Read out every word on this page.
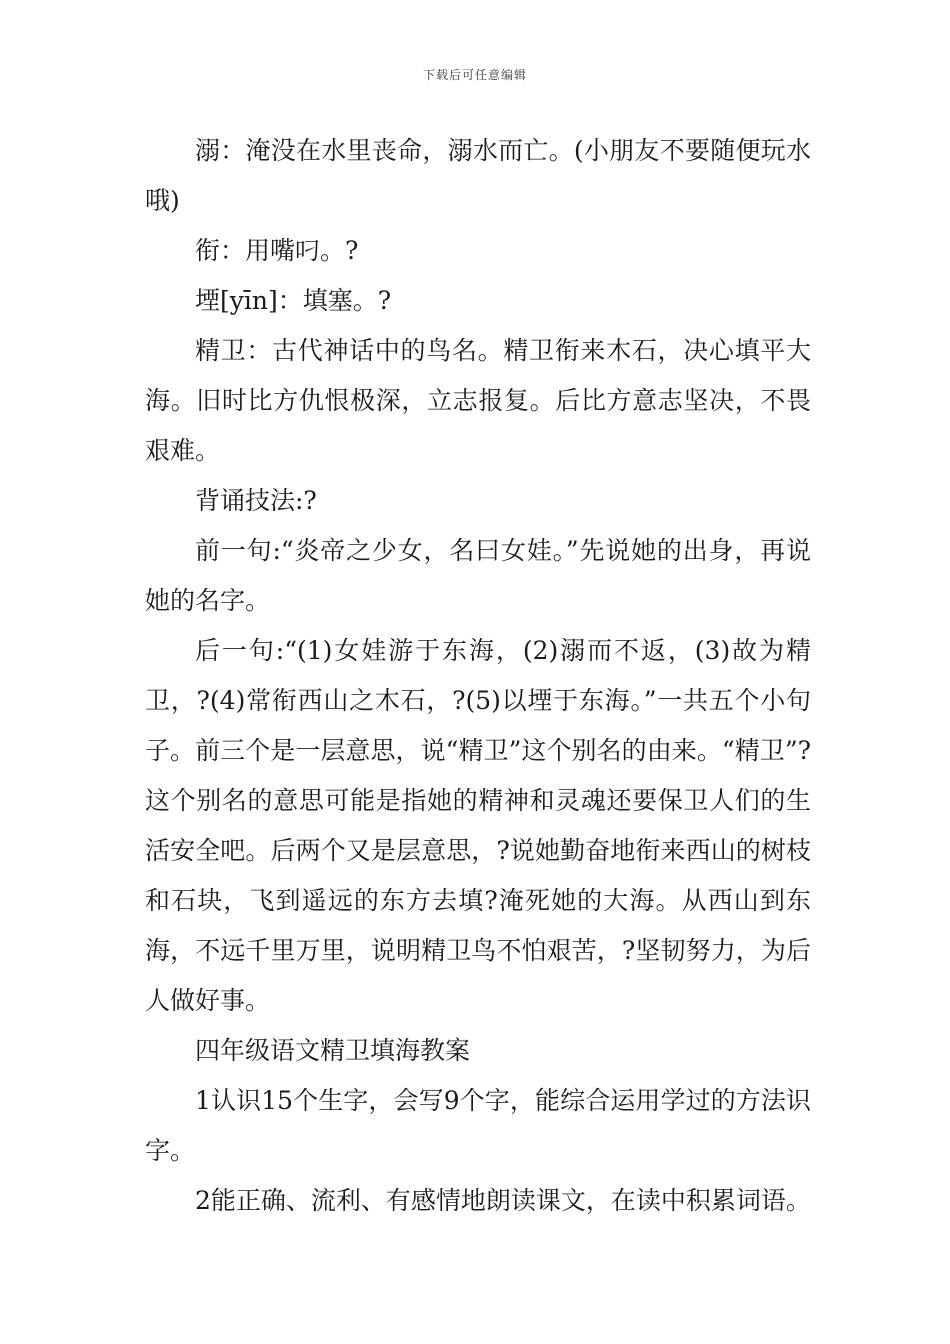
下载后可任意编辑

溺：淹没在水里丧命，溺水而亡。(小朋友不要随便玩水哦)

衔：用嘴叼。?

堙[yīn]：填塞。?

精卫：古代神话中的鸟名。精卫衔来木石，决心填平大海。旧时比方仇恨极深，立志报复。后比方意志坚决，不畏艰难。

背诵技法:?

前一句:“炎帝之少女，名曰女娃。”先说她的出身，再说她的名字。

后一句:“(1)女娃游于东海，(2)溺而不返，(3)故为精卫，?(4)常衔西山之木石，?(5)以堙于东海。”一共五个小句子。前三个是一层意思，说“精卫”这个别名的由来。“精卫”?这个别名的意思可能是指她的精神和灵魂还要保卫人们的生活安全吧。后两个又是层意思，?说她勤奋地衔来西山的树枝和石块，飞到遥远的东方去填?淹死她的大海。从西山到东海，不远千里万里，说明精卫鸟不怕艰苦，?坚韧努力，为后人做好事。

四年级语文精卫填海教案

1认识15个生字，会写9个字，能综合运用学过的方法识字。

2能正确、流利、有感情地朗读课文，在读中积累词语。
